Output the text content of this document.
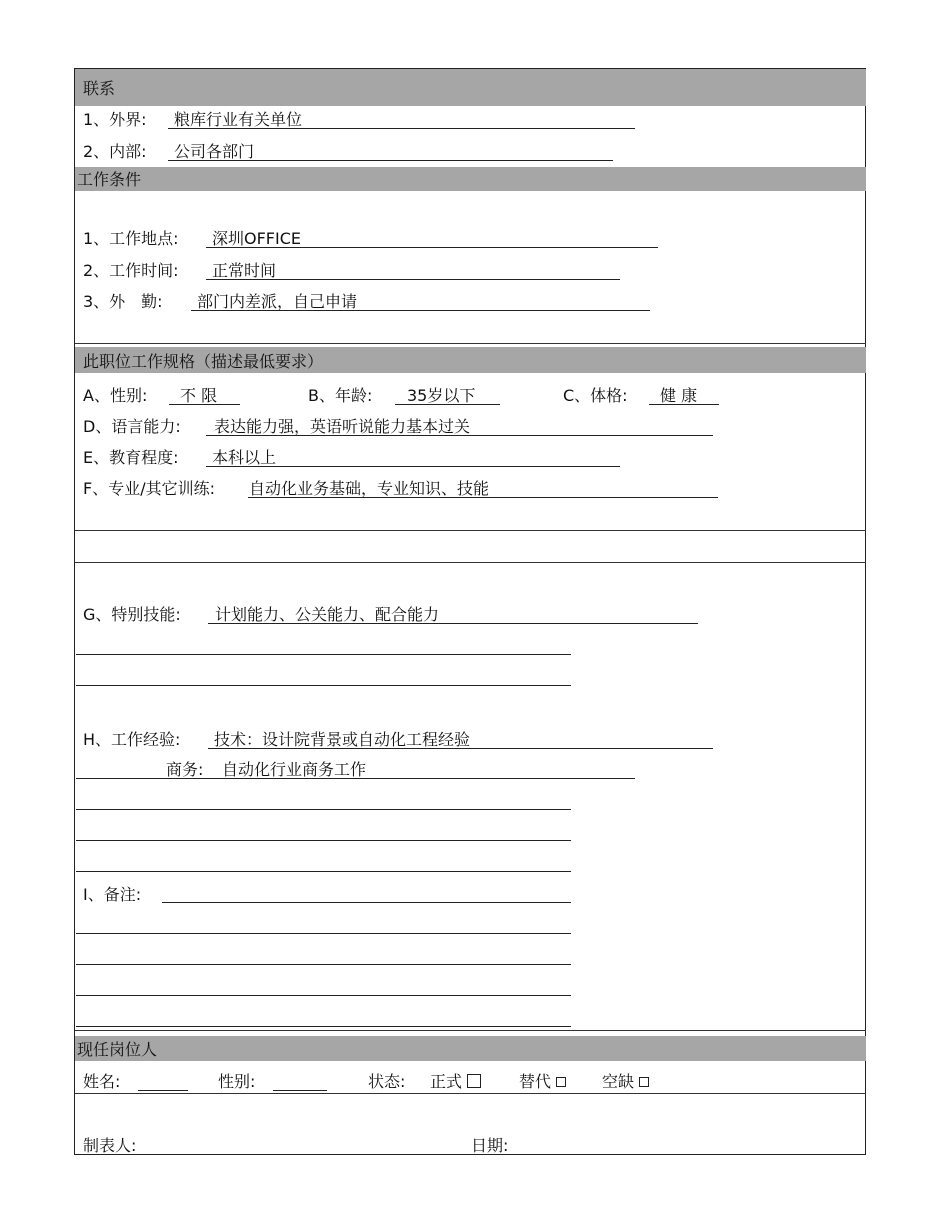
联系
1、外界: 粮库行业有关单位
2、内部: 公司各部门
工作条件
1、工作地点: 深圳OFFICE
2、工作时间: 正常时间
3、外　勤: 部门内差派，自己申请
此职位工作规格（描述最低要求）
A、性别: 不 限	B、年龄: 35岁以下	C、体格: 健 康
D、语言能力: 表达能力强，英语听说能力基本过关
E、教育程度: 本科以上
F、专业/其它训练: 自动化业务基础，专业知识、技能
G、特别技能: 计划能力、公关能力、配合能力
H、工作经验: 技术：设计院背景或自动化工程经验
商务: 自动化行业商务工作
I、备注:
现任岗位人
姓名:	性别:	状态: 正式	替代	空缺
制表人:	日期:
